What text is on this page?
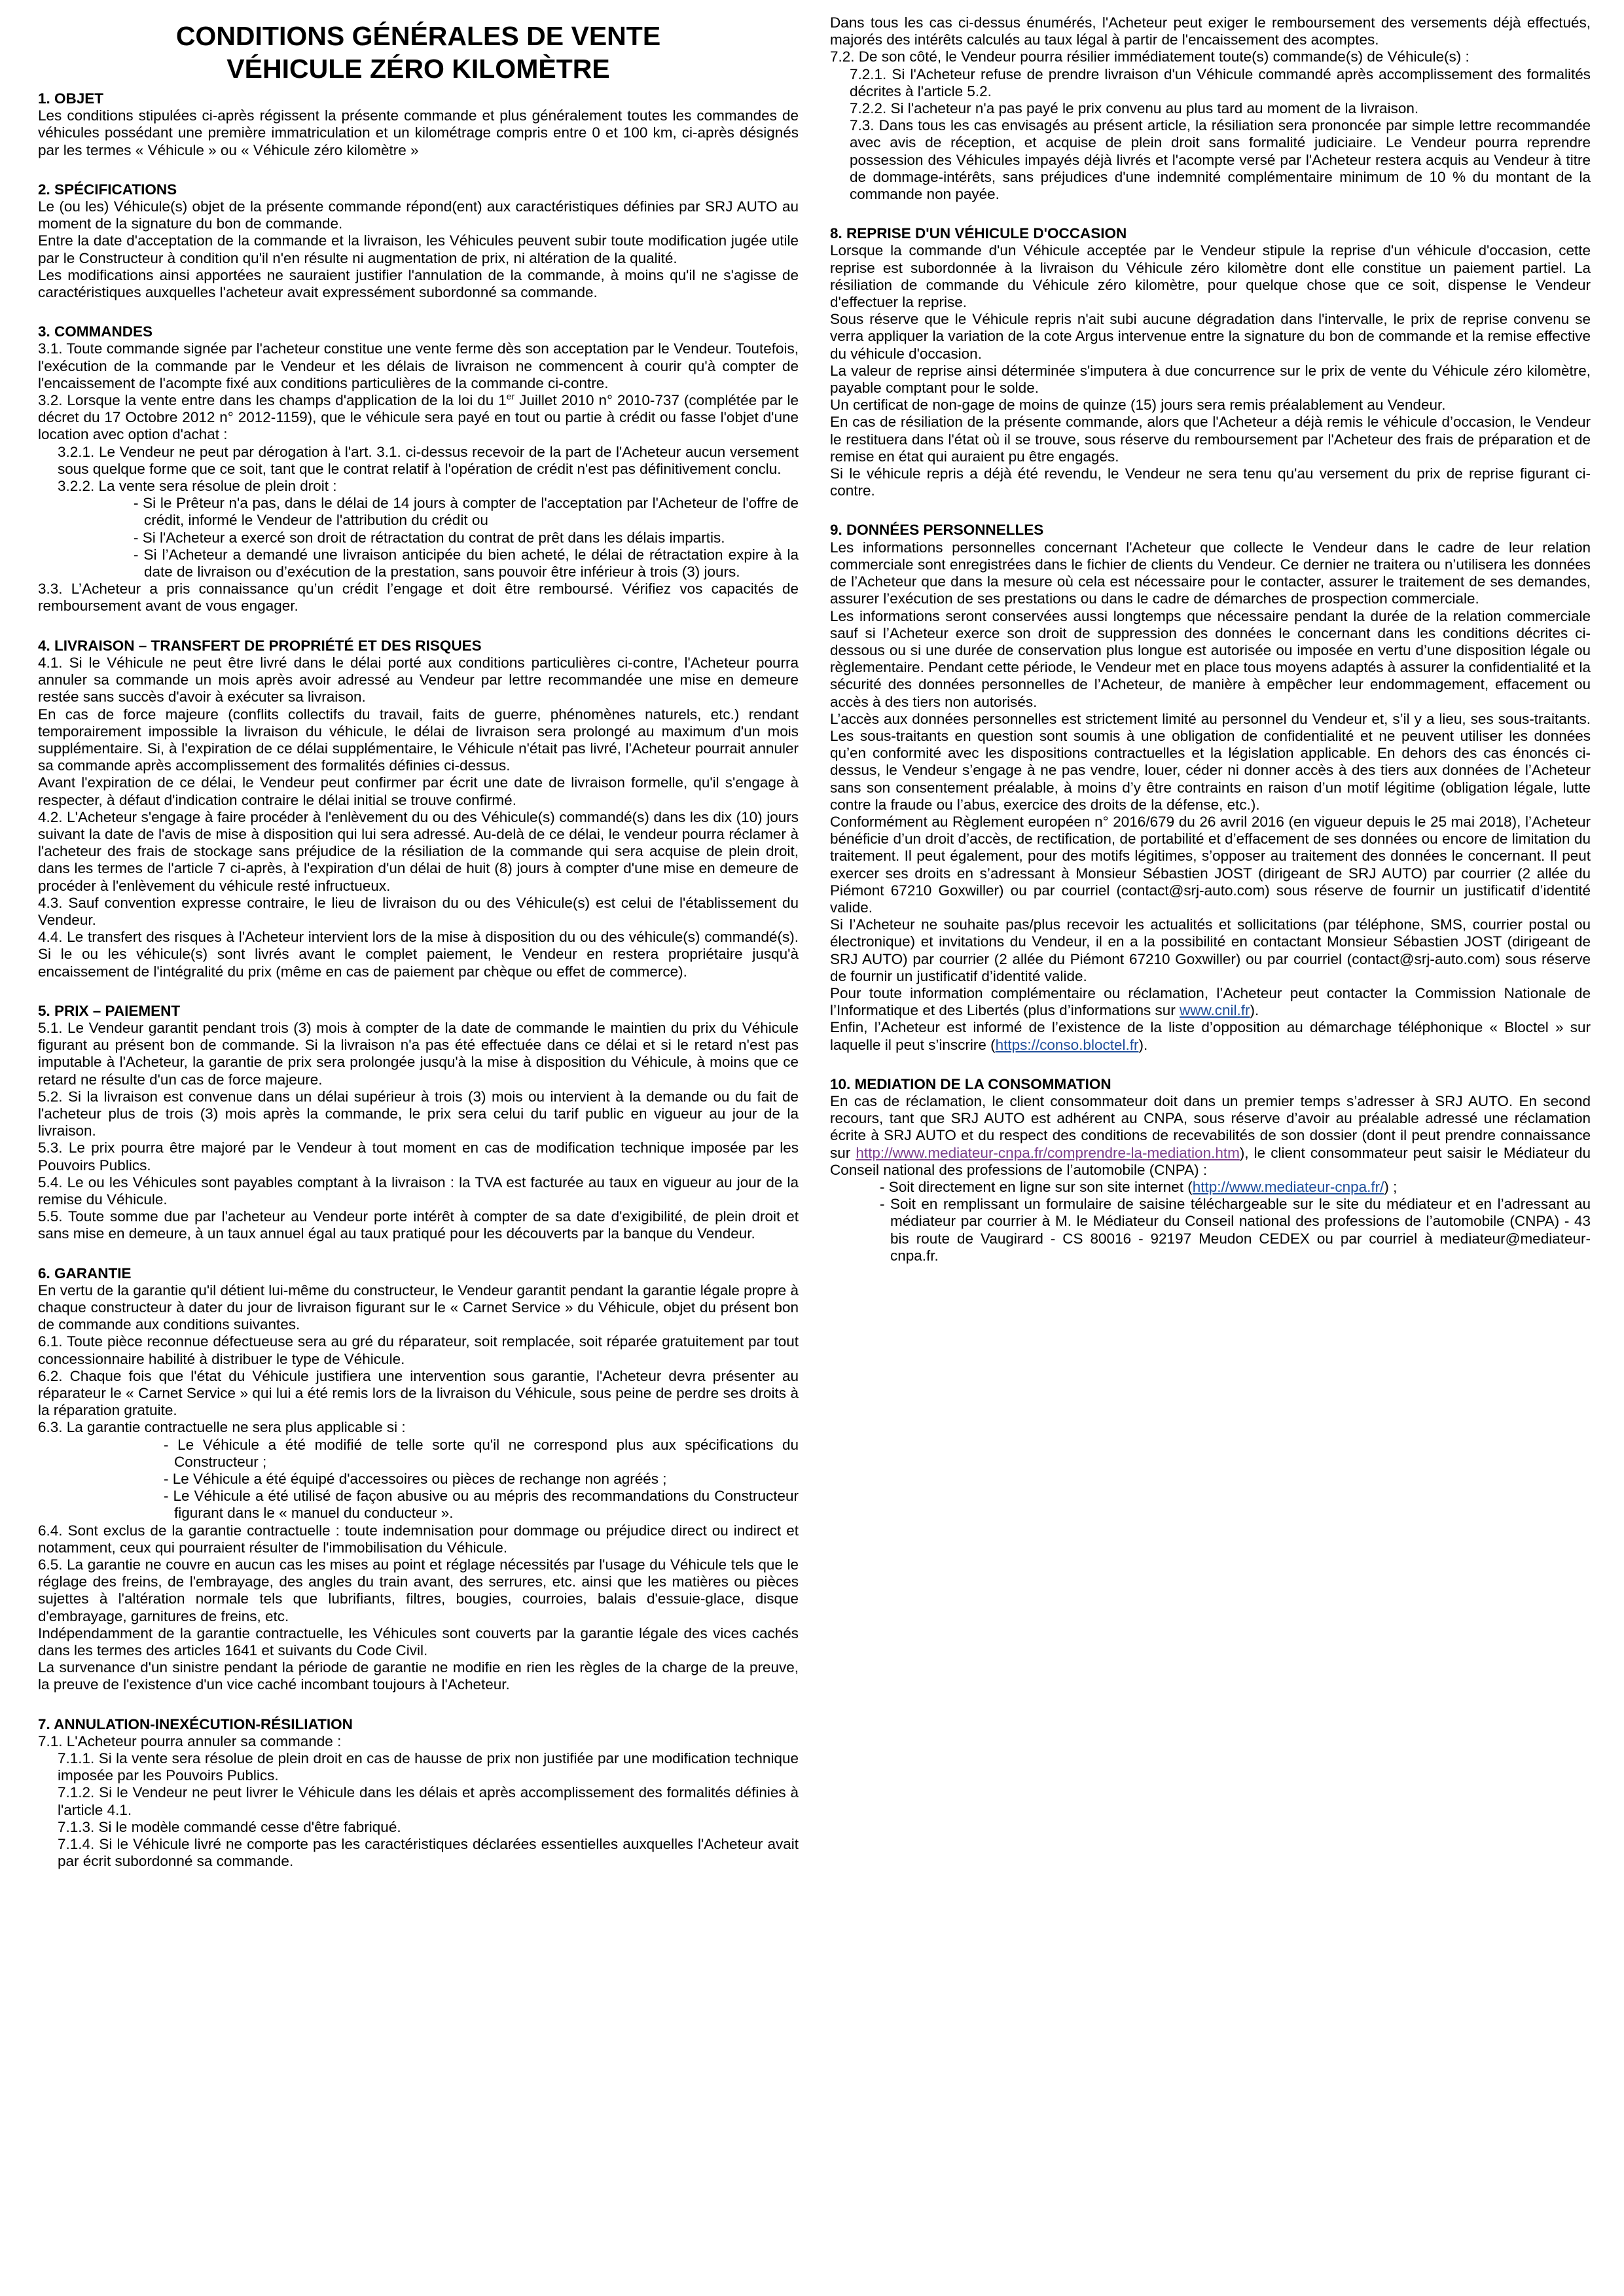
CONDITIONS GÉNÉRALES DE VENTE
VÉHICULE ZÉRO KILOMÈTRE

1. OBJET

Les conditions stipulées ci-après régissent la présente commande et plus généralement toutes les commandes de véhicules possédant une première immatriculation et un kilométrage compris entre 0 et 100 km, ci-après désignés par les termes « Véhicule » ou « Véhicule zéro kilomètre »

2. SPÉCIFICATIONS

Le (ou les) Véhicule(s) objet de la présente commande répond(ent) aux caractéristiques définies par SRJ AUTO au moment de la signature du bon de commande.

Entre la date d'acceptation de la commande et la livraison, les Véhicules peuvent subir toute modification jugée utile par le Constructeur à condition qu'il n'en résulte ni augmentation de prix, ni altération de la qualité.

Les modifications ainsi apportées ne sauraient justifier l'annulation de la commande, à moins qu'il ne s'agisse de caractéristiques auxquelles l'acheteur avait expressément subordonné sa commande.

3. COMMANDES

3.1. Toute commande signée par l'acheteur constitue une vente ferme dès son acceptation par le Vendeur. Toutefois, l'exécution de la commande par le Vendeur et les délais de livraison ne commencent à courir qu'à compter de l'encaissement de l'acompte fixé aux conditions particulières de la commande ci-contre.

3.2. Lorsque la vente entre dans les champs d'application de la loi du 1er Juillet 2010 n° 2010-737 (complétée par le décret du 17 Octobre 2012 n° 2012-1159), que le véhicule sera payé en tout ou partie à crédit ou fasse l'objet d'une location avec option d'achat :

3.2.1. Le Vendeur ne peut par dérogation à l'art. 3.1. ci-dessus recevoir de la part de l'Acheteur aucun versement sous quelque forme que ce soit, tant que le contrat relatif à l'opération de crédit n'est pas définitivement conclu.

3.2.2. La vente sera résolue de plein droit :

- Si le Prêteur n'a pas, dans le délai de 14 jours à compter de l'acceptation par l'Acheteur de l'offre de crédit, informé le Vendeur de l'attribution du crédit ou

- Si l'Acheteur a exercé son droit de rétractation du contrat de prêt dans les délais impartis.

- Si l’Acheteur a demandé une livraison anticipée du bien acheté, le délai de rétractation expire à la date de livraison ou d’exécution de la prestation, sans pouvoir être inférieur à trois (3) jours.

3.3. L’Acheteur a pris connaissance qu’un crédit l’engage et doit être remboursé. Vérifiez vos capacités de remboursement avant de vous engager.

4. LIVRAISON – TRANSFERT DE PROPRIÉTÉ ET DES RISQUES

4.1. Si le Véhicule ne peut être livré dans le délai porté aux conditions particulières ci-contre, l'Acheteur pourra annuler sa commande un mois après avoir adressé au Vendeur par lettre recommandée une mise en demeure restée sans succès d'avoir à exécuter sa livraison.

En cas de force majeure (conflits collectifs du travail, faits de guerre, phénomènes naturels, etc.) rendant temporairement impossible la livraison du véhicule, le délai de livraison sera prolongé au maximum d'un mois supplémentaire. Si, à l'expiration de ce délai supplémentaire, le Véhicule n'était pas livré, l'Acheteur pourrait annuler sa commande après accomplissement des formalités définies ci-dessus.

Avant l'expiration de ce délai, le Vendeur peut confirmer par écrit une date de livraison formelle, qu'il s'engage à respecter, à défaut d'indication contraire le délai initial se trouve confirmé.

4.2. L'Acheteur s'engage à faire procéder à l'enlèvement du ou des Véhicule(s) commandé(s) dans les dix (10) jours suivant la date de l'avis de mise à disposition qui lui sera adressé. Au-delà de ce délai, le vendeur pourra réclamer à l'acheteur des frais de stockage sans préjudice de la résiliation de la commande qui sera acquise de plein droit, dans les termes de l'article 7 ci-après, à l'expiration d'un délai de huit (8) jours à compter d'une mise en demeure de procéder à l'enlèvement du véhicule resté infructueux.

4.3. Sauf convention expresse contraire, le lieu de livraison du ou des Véhicule(s) est celui de l'établissement du Vendeur.

4.4. Le transfert des risques à l'Acheteur intervient lors de la mise à disposition du ou des véhicule(s) commandé(s). Si le ou les véhicule(s) sont livrés avant le complet paiement, le Vendeur en restera propriétaire jusqu'à encaissement de l'intégralité du prix (même en cas de paiement par chèque ou effet de commerce).

5. PRIX – PAIEMENT

5.1. Le Vendeur garantit pendant trois (3) mois à compter de la date de commande le maintien du prix du Véhicule figurant au présent bon de commande. Si la livraison n'a pas été effectuée dans ce délai et si le retard n'est pas imputable à l'Acheteur, la garantie de prix sera prolongée jusqu'à la mise à disposition du Véhicule, à moins que ce retard ne résulte d'un cas de force majeure.

5.2. Si la livraison est convenue dans un délai supérieur à trois (3) mois ou intervient à la demande ou du fait de l'acheteur plus de trois (3) mois après la commande, le prix sera celui du tarif public en vigueur au jour de la livraison.

5.3. Le prix pourra être majoré par le Vendeur à tout moment en cas de modification technique imposée par les Pouvoirs Publics.

5.4. Le ou les Véhicules sont payables comptant à la livraison : la TVA est facturée au taux en vigueur au jour de la remise du Véhicule.

5.5. Toute somme due par l'acheteur au Vendeur porte intérêt à compter de sa date d'exigibilité, de plein droit et sans mise en demeure, à un taux annuel égal au taux pratiqué pour les découverts par la banque du Vendeur.

6. GARANTIE

En vertu de la garantie qu'il détient lui-même du constructeur, le Vendeur garantit pendant la garantie légale propre à chaque constructeur à dater du jour de livraison figurant sur le « Carnet Service » du Véhicule, objet du présent bon de commande aux conditions suivantes.

6.1. Toute pièce reconnue défectueuse sera au gré du réparateur, soit remplacée, soit réparée gratuitement par tout concessionnaire habilité à distribuer le type de Véhicule.

6.2. Chaque fois que l'état du Véhicule justifiera une intervention sous garantie, l'Acheteur devra présenter au réparateur le « Carnet Service » qui lui a été remis lors de la livraison du Véhicule, sous peine de perdre ses droits à la réparation gratuite.

6.3. La garantie contractuelle ne sera plus applicable si :

- Le Véhicule a été modifié de telle sorte qu'il ne correspond plus aux spécifications du Constructeur ;

- Le Véhicule a été équipé d'accessoires ou pièces de rechange non agréés ;

- Le Véhicule a été utilisé de façon abusive ou au mépris des recommandations du Constructeur figurant dans le « manuel du conducteur ».

6.4. Sont exclus de la garantie contractuelle : toute indemnisation pour dommage ou préjudice direct ou indirect et notamment, ceux qui pourraient résulter de l'immobilisation du Véhicule.

6.5. La garantie ne couvre en aucun cas les mises au point et réglage nécessités par l'usage du Véhicule tels que le réglage des freins, de l'embrayage, des angles du train avant, des serrures, etc. ainsi que les matières ou pièces sujettes à l'altération normale tels que lubrifiants, filtres, bougies, courroies, balais d'essuie-glace, disque d'embrayage, garnitures de freins, etc.

Indépendamment de la garantie contractuelle, les Véhicules sont couverts par la garantie légale des vices cachés dans les termes des articles 1641 et suivants du Code Civil.

La survenance d'un sinistre pendant la période de garantie ne modifie en rien les règles de la charge de la preuve, la preuve de l'existence d'un vice caché incombant toujours à l'Acheteur.

7. ANNULATION-INEXÉCUTION-RÉSILIATION

7.1. L'Acheteur pourra annuler sa commande :

7.1.1. Si la vente sera résolue de plein droit en cas de hausse de prix non justifiée par une modification technique imposée par les Pouvoirs Publics.

7.1.2. Si le Vendeur ne peut livrer le Véhicule dans les délais et après accomplissement des formalités définies à l'article 4.1.

7.1.3. Si le modèle commandé cesse d'être fabriqué.

7.1.4. Si le Véhicule livré ne comporte pas les caractéristiques déclarées essentielles auxquelles l'Acheteur avait par écrit subordonné sa commande.

Dans tous les cas ci-dessus énumérés, l'Acheteur peut exiger le remboursement des versements déjà effectués, majorés des intérêts calculés au taux légal à partir de l'encaissement des acomptes.

7.2. De son côté, le Vendeur pourra résilier immédiatement toute(s) commande(s) de Véhicule(s) :

7.2.1. Si l'Acheteur refuse de prendre livraison d'un Véhicule commandé après accomplissement des formalités décrites à l'article 5.2.

7.2.2. Si l'acheteur n'a pas payé le prix convenu au plus tard au moment de la livraison.

7.3. Dans tous les cas envisagés au présent article, la résiliation sera prononcée par simple lettre recommandée avec avis de réception, et acquise de plein droit sans formalité judiciaire. Le Vendeur pourra reprendre possession des Véhicules impayés déjà livrés et l'acompte versé par l'Acheteur restera acquis au Vendeur à titre de dommage-intérêts, sans préjudices d'une indemnité complémentaire minimum de 10 % du montant de la commande non payée.

8. REPRISE D'UN VÉHICULE D'OCCASION

Lorsque la commande d'un Véhicule acceptée par le Vendeur stipule la reprise d'un véhicule d'occasion, cette reprise est subordonnée à la livraison du Véhicule zéro kilomètre dont elle constitue un paiement partiel. La résiliation de commande du Véhicule zéro kilomètre, pour quelque chose que ce soit, dispense le Vendeur d'effectuer la reprise.

Sous réserve que le Véhicule repris n'ait subi aucune dégradation dans l'intervalle, le prix de reprise convenu se verra appliquer la variation de la cote Argus intervenue entre la signature du bon de commande et la remise effective du véhicule d'occasion.

La valeur de reprise ainsi déterminée s'imputera à due concurrence sur le prix de vente du Véhicule zéro kilomètre, payable comptant pour le solde.

Un certificat de non-gage de moins de quinze (15) jours sera remis préalablement au Vendeur.

En cas de résiliation de la présente commande, alors que l'Acheteur a déjà remis le véhicule d’occasion, le Vendeur le restituera dans l'état où il se trouve, sous réserve du remboursement par l'Acheteur des frais de préparation et de remise en état qui auraient pu être engagés.

Si le véhicule repris a déjà été revendu, le Vendeur ne sera tenu qu'au versement du prix de reprise figurant ci-contre.

9. DONNÉES PERSONNELLES

Les informations personnelles concernant l'Acheteur que collecte le Vendeur dans le cadre de leur relation commerciale sont enregistrées dans le fichier de clients du Vendeur. Ce dernier ne traitera ou n’utilisera les données de l’Acheteur que dans la mesure où cela est nécessaire pour le contacter, assurer le traitement de ses demandes, assurer l’exécution de ses prestations ou dans le cadre de démarches de prospection commerciale.

Les informations seront conservées aussi longtemps que nécessaire pendant la durée de la relation commerciale sauf si l’Acheteur exerce son droit de suppression des données le concernant dans les conditions décrites ci-dessous ou si une durée de conservation plus longue est autorisée ou imposée en vertu d’une disposition légale ou règlementaire. Pendant cette période, le Vendeur met en place tous moyens adaptés à assurer la confidentialité et la sécurité des données personnelles de l’Acheteur, de manière à empêcher leur endommagement, effacement ou accès à des tiers non autorisés.

L’accès aux données personnelles est strictement limité au personnel du Vendeur et, s’il y a lieu, ses sous-traitants. Les sous-traitants en question sont soumis à une obligation de confidentialité et ne peuvent utiliser les données qu’en conformité avec les dispositions contractuelles et la législation applicable. En dehors des cas énoncés ci-dessus, le Vendeur s’engage à ne pas vendre, louer, céder ni donner accès à des tiers aux données de l’Acheteur sans son consentement préalable, à moins d’y être contraints en raison d’un motif légitime (obligation légale, lutte contre la fraude ou l’abus, exercice des droits de la défense, etc.).

Conformément au Règlement européen n° 2016/679 du 26 avril 2016 (en vigueur depuis le 25 mai 2018), l’Acheteur bénéficie d’un droit d’accès, de rectification, de portabilité et d’effacement de ses données ou encore de limitation du traitement. Il peut également, pour des motifs légitimes, s’opposer au traitement des données le concernant. Il peut exercer ses droits en s’adressant à Monsieur Sébastien JOST (dirigeant de SRJ AUTO) par courrier (2 allée du Piémont 67210 Goxwiller) ou par courriel (contact@srj-auto.com) sous réserve de fournir un justificatif d’identité valide.

Si l’Acheteur ne souhaite pas/plus recevoir les actualités et sollicitations (par téléphone, SMS, courrier postal ou électronique) et invitations du Vendeur, il en a la possibilité en contactant Monsieur Sébastien JOST (dirigeant de SRJ AUTO) par courrier (2 allée du Piémont 67210 Goxwiller) ou par courriel (contact@srj-auto.com) sous réserve de fournir un justificatif d’identité valide.

Pour toute information complémentaire ou réclamation, l’Acheteur peut contacter la Commission Nationale de l’Informatique et des Libertés (plus d’informations sur www.cnil.fr).

Enfin, l’Acheteur est informé de l’existence de la liste d’opposition au démarchage téléphonique « Bloctel » sur laquelle il peut s’inscrire (https://conso.bloctel.fr).

10. MEDIATION DE LA CONSOMMATION

En cas de réclamation, le client consommateur doit dans un premier temps s’adresser à SRJ AUTO. En second recours, tant que SRJ AUTO est adhérent au CNPA, sous réserve d’avoir au préalable adressé une réclamation écrite à SRJ AUTO et du respect des conditions de recevabilités de son dossier (dont il peut prendre connaissance sur http://www.mediateur-cnpa.fr/comprendre-la-mediation.htm), le client consommateur peut saisir le Médiateur du Conseil national des professions de l’automobile (CNPA) :

- Soit directement en ligne sur son site internet (http://www.mediateur-cnpa.fr/) ;

- Soit en remplissant un formulaire de saisine téléchargeable sur le site du médiateur et en l’adressant au médiateur par courrier à M. le Médiateur du Conseil national des professions de l’automobile (CNPA) - 43 bis route de Vaugirard - CS 80016 - 92197 Meudon CEDEX ou par courriel à mediateur@mediateur-cnpa.fr.
